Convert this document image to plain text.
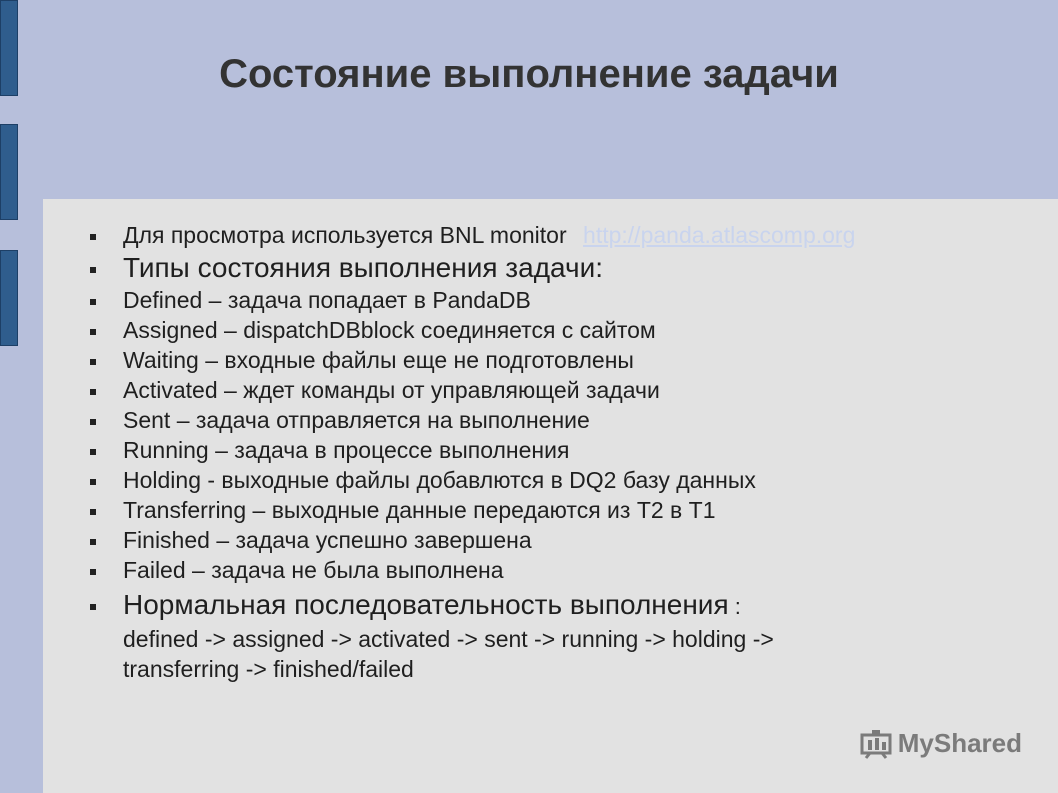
Состояние выполнение задачи
Для просмотра используется BNL monitor http://panda.atlascomp.org
Типы состояния выполнения задачи:
Defined – задача попадает в PandaDB
Assigned – dispatchDBblock соединяется с сайтом
Waiting – входные файлы еще не подготовлены
Activated – ждет команды от управляющей задачи
Sent – задача отправляется на выполнение
Running – задача в процессе выполнения
Holding - выходные файлы добавлются в DQ2 базу данных
Transferring – выходные данные передаются из T2 в T1
Finished – задача успешно завершена
Failed – задача не была выполнена
Нормальная последовательность выполнения :
defined -> assigned -> activated -> sent -> running -> holding ->
transferring -> finished/failed
MyShared
